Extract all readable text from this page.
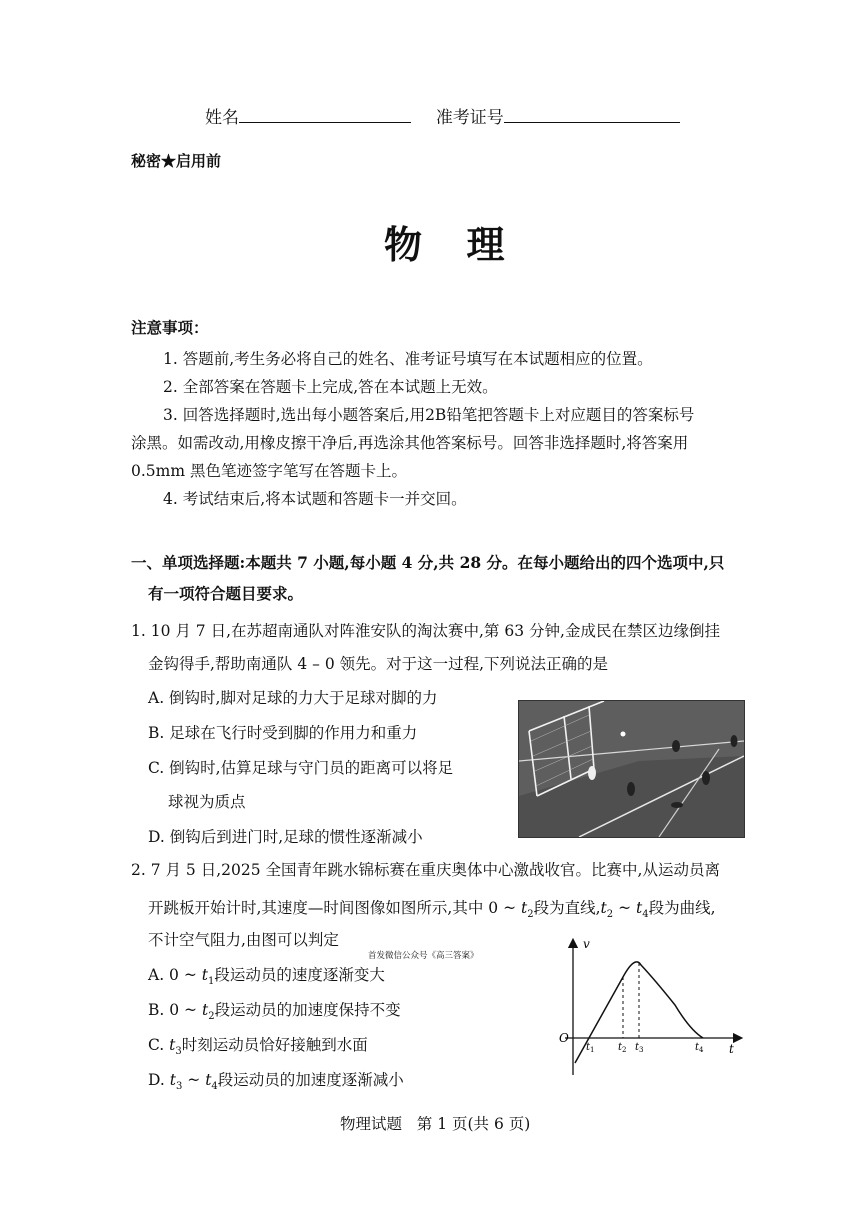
姓名	准考证号
秘密★启用前
物  理
注意事项：
1. 答题前,考生务必将自己的姓名、准考证号填写在本试题相应的位置。
2. 全部答案在答题卡上完成,答在本试题上无效。
3. 回答选择题时,选出每小题答案后,用2B铅笔把答题卡上对应题目的答案标号
涂黑。如需改动,用橡皮擦干净后,再选涂其他答案标号。回答非选择题时,将答案用
0.5mm 黑色笔迹签字笔写在答题卡上。
4. 考试结束后,将本试题和答题卡一并交回。
一、单项选择题:本题共 7 小题,每小题 4 分,共 28 分。在每小题给出的四个选项中,只
有一项符合题目要求。
1. 10 月 7 日,在苏超南通队对阵淮安队的淘汰赛中,第 63 分钟,金成民在禁区边缘倒挂
金钩得手,帮助南通队 4 – 0 领先。对于这一过程,下列说法正确的是
A. 倒钩时,脚对足球的力大于足球对脚的力
B. 足球在飞行时受到脚的作用力和重力
C. 倒钩时,估算足球与守门员的距离可以将足
球视为质点
D. 倒钩后到进门时,足球的惯性逐渐减小
2. 7 月 5 日,2025 全国青年跳水锦标赛在重庆奥体中心激战收官。比赛中,从运动员离
开跳板开始计时,其速度—时间图像如图所示,其中 0 ~ $t_2$段为直线$,t_2$ ~ $t_4$段为曲线,
不计空气阻力,由图可以判定
首发微信公众号《高三答案》
A. 0 ~ $t_1$段运动员的速度逐渐变大
B. 0 ~ $t_2$段运动员的加速度保持不变
C. $t_3$时刻运动员恰好接触到水面
D. $t_3$ ~ $t_4$段运动员的加速度逐渐减小
v
t
O
$t_1$ $t_2$ $t_3$	$t_4$
物理试题   第 1 页(共 6 页)
